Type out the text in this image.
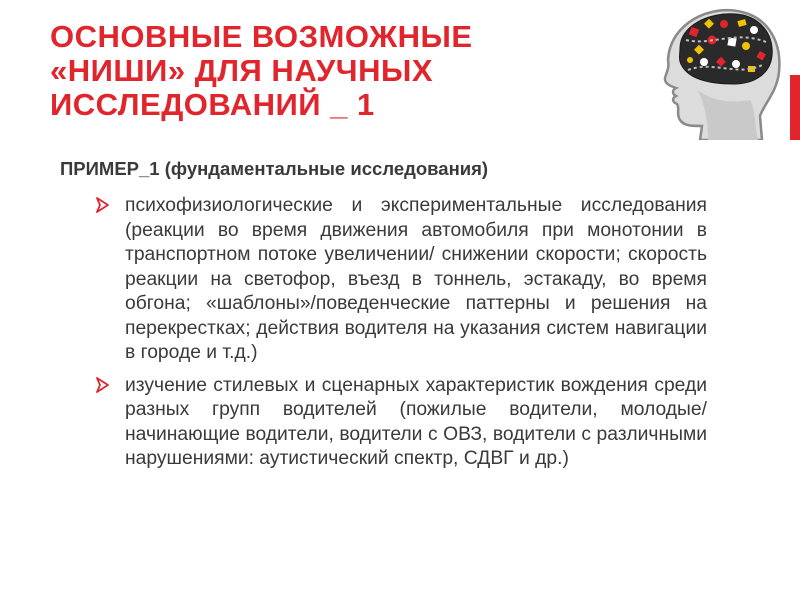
ОСНОВНЫЕ ВОЗМОЖНЫЕ
«НИШИ» ДЛЯ НАУЧНЫХ
ИССЛЕДОВАНИЙ _ 1
ПРИМЕР_1 (фундаментальные исследования)
психофизиологические и экспериментальные исследования (реакции во время движения автомобиля при монотонии в транспортном потоке увеличении/ снижении скорости; скорость реакции на светофор, въезд в тоннель, эстакаду, во время обгона; «шаблоны»/поведенческие паттерны и решения на перекрестках; действия водителя на указания систем навигации в городе и т.д.)
изучение стилевых и сценарных характеристик вождения среди разных групп водителей (пожилые водители, молодые/начинающие водители, водители с ОВЗ, водители с различными нарушениями: аутистический спектр, СДВГ и др.)
